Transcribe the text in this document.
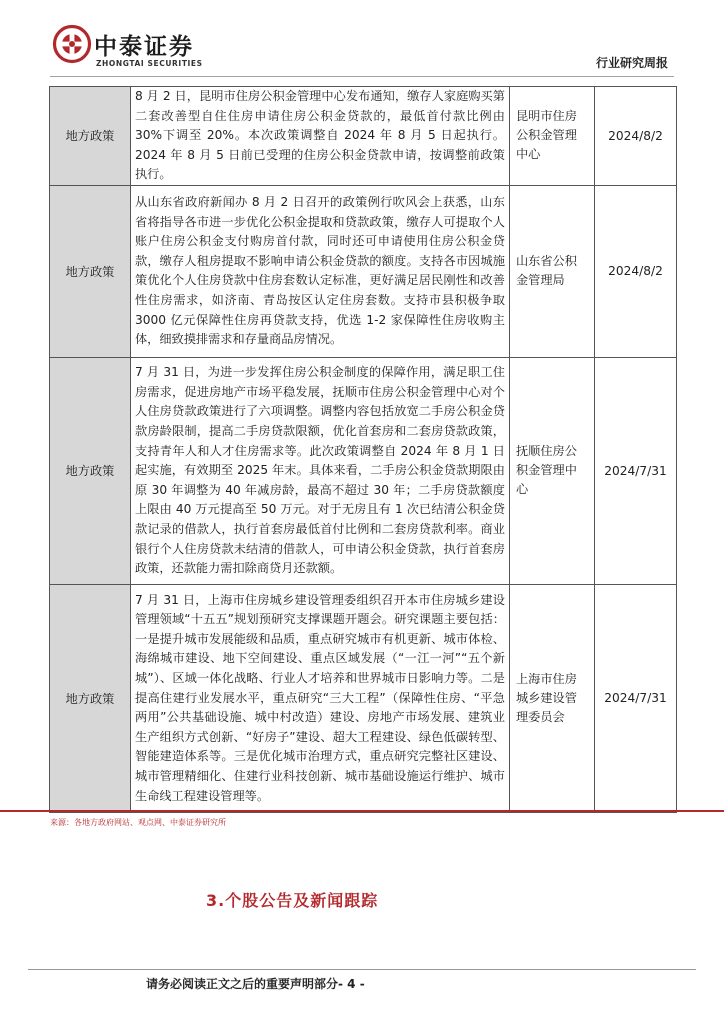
中泰证券
ZHONGTAI SECURITIES	行业研究周报
地方政策	8 月 2 日，昆明市住房公积金管理中心发布通知，缴存人家庭购买第二套改善型自住住房申请住房公积金贷款的，最低首付款比例由 30%下调至 20%。本次政策调整自 2024 年 8 月 5 日起执行。2024 年 8 月 5 日前已受理的住房公积金贷款申请，按调整前政策执行。	昆明市住房公积金管理中心	2024/8/2
地方政策	从山东省政府新闻办 8 月 2 日召开的政策例行吹风会上获悉，山东省将指导各市进一步优化公积金提取和贷款政策，缴存人可提取个人账户住房公积金支付购房首付款，同时还可申请使用住房公积金贷款，缴存人租房提取不影响申请公积金贷款的额度。支持各市因城施策优化个人住房贷款中住房套数认定标准，更好满足居民刚性和改善性住房需求，如济南、青岛按区认定住房套数。支持市县积极争取 3000 亿元保障性住房再贷款支持，优选 1-2 家保障性住房收购主体，细致摸排需求和存量商品房情况。	山东省公积金管理局	2024/8/2
地方政策	7 月 31 日，为进一步发挥住房公积金制度的保障作用，满足职工住房需求，促进房地产市场平稳发展，抚顺市住房公积金管理中心对个人住房贷款政策进行了六项调整。调整内容包括放宽二手房公积金贷款房龄限制，提高二手房贷款限额，优化首套房和二套房贷款政策，支持青年人和人才住房需求等。此次政策调整自 2024 年 8 月 1 日起实施，有效期至 2025 年末。具体来看，二手房公积金贷款期限由原 30 年调整为 40 年减房龄，最高不超过 30 年；二手房贷款额度上限由 40 万元提高至 50 万元。对于无房且有 1 次已结清公积金贷款记录的借款人，执行首套房最低首付比例和二套房贷款利率。商业银行个人住房贷款未结清的借款人，可申请公积金贷款，执行首套房政策，还款能力需扣除商贷月还款额。	抚顺住房公积金管理中心	2024/7/31
地方政策	7 月 31 日，上海市住房城乡建设管理委组织召开本市住房城乡建设管理领域“十五五”规划预研究支撑课题开题会。研究课题主要包括：一是提升城市发展能级和品质，重点研究城市有机更新、城市体检、海绵城市建设、地下空间建设、重点区域发展（“一江一河”“五个新城”）、区域一体化战略、行业人才培养和世界城市日影响力等。二是提高住建行业发展水平，重点研究“三大工程”（保障性住房、“平急两用”公共基础设施、城中村改造）建设、房地产市场发展、建筑业生产组织方式创新、“好房子”建设、超大工程建设、绿色低碳转型、智能建造体系等。三是优化城市治理方式，重点研究完整社区建设、城市管理精细化、住建行业科技创新、城市基础设施运行维护、城市生命线工程建设管理等。	上海市住房城乡建设管理委员会	2024/7/31
来源：各地方政府网站、观点网、中泰证券研究所
3.个股公告及新闻跟踪
请务必阅读正文之后的重要声明部分- 4 -
